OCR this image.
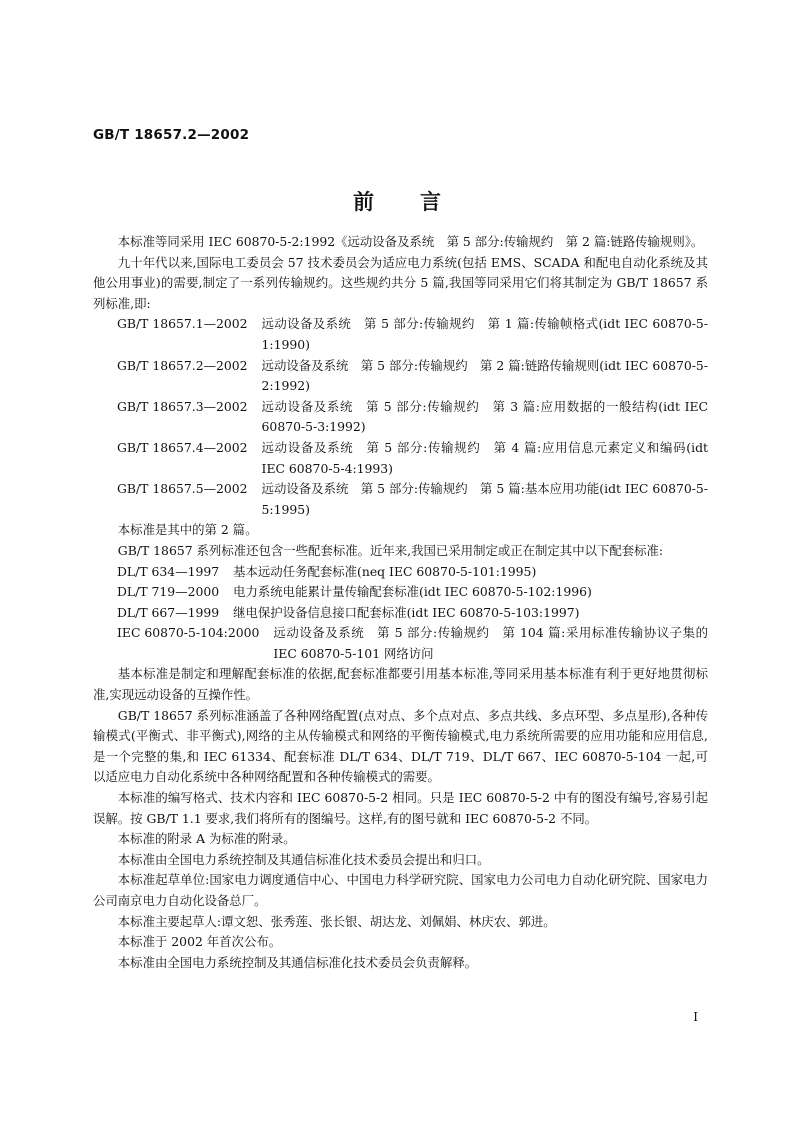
GB/T 18657.2—2002
前言

本标准等同采用 IEC 60870-5-2:1992《远动设备及系统　第 5 部分:传输规约　第 2 篇:链路传输规则》。

九十年代以来,国际电工委员会 57 技术委员会为适应电力系统(包括 EMS、SCADA 和配电自动化系统及其他公用事业)的需要,制定了一系列传输规约。这些规约共分 5 篇,我国等同采用它们将其制定为 GB/T 18657 系列标准,即:

GB/T 18657.1—2002	远动设备及系统　第 5 部分:传输规约　第 1 篇:传输帧格式(idt IEC 60870-5-1:1990)
GB/T 18657.2—2002	远动设备及系统　第 5 部分:传输规约　第 2 篇:链路传输规则(idt IEC 60870-5-2:1992)
GB/T 18657.3—2002	远动设备及系统　第 5 部分:传输规约　第 3 篇:应用数据的一般结构(idt IEC 60870-5-3:1992)
GB/T 18657.4—2002	远动设备及系统　第 5 部分:传输规约　第 4 篇:应用信息元素定义和编码(idt IEC 60870-5-4:1993)
GB/T 18657.5—2002	远动设备及系统　第 5 部分:传输规约　第 5 篇:基本应用功能(idt IEC 60870-5-5:1995)

本标准是其中的第 2 篇。

GB/T 18657 系列标准还包含一些配套标准。近年来,我国已采用制定或正在制定其中以下配套标准:

DL/T 634—1997	基本远动任务配套标准(neq IEC 60870-5-101:1995)
DL/T 719—2000	电力系统电能累计量传输配套标准(idt IEC 60870-5-102:1996)
DL/T 667—1999	继电保护设备信息接口配套标准(idt IEC 60870-5-103:1997)
IEC 60870-5-104:2000	远动设备及系统　第 5 部分:传输规约　第 104 篇:采用标准传输协议子集的 IEC 60870-5-101 网络访问

基本标准是制定和理解配套标准的依据,配套标准都要引用基本标准,等同采用基本标准有利于更好地贯彻标准,实现远动设备的互操作性。

GB/T 18657 系列标准涵盖了各种网络配置(点对点、多个点对点、多点共线、多点环型、多点星形),各种传输模式(平衡式、非平衡式),网络的主从传输模式和网络的平衡传输模式,电力系统所需要的应用功能和应用信息,是一个完整的集,和 IEC 61334、配套标准 DL/T 634、DL/T 719、DL/T 667、IEC 60870-5-104 一起,可以适应电力自动化系统中各种网络配置和各种传输模式的需要。

本标准的编写格式、技术内容和 IEC 60870-5-2 相同。只是 IEC 60870-5-2 中有的图没有编号,容易引起误解。按 GB/T 1.1 要求,我们将所有的图编号。这样,有的图号就和 IEC 60870-5-2 不同。

本标准的附录 A 为标准的附录。

本标准由全国电力系统控制及其通信标准化技术委员会提出和归口。

本标准起草单位:国家电力调度通信中心、中国电力科学研究院、国家电力公司电力自动化研究院、国家电力公司南京电力自动化设备总厂。

本标准主要起草人:谭文恕、张秀莲、张长银、胡达龙、刘佩娟、林庆农、郭进。

本标准于 2002 年首次公布。

本标准由全国电力系统控制及其通信标准化技术委员会负责解释。

I
